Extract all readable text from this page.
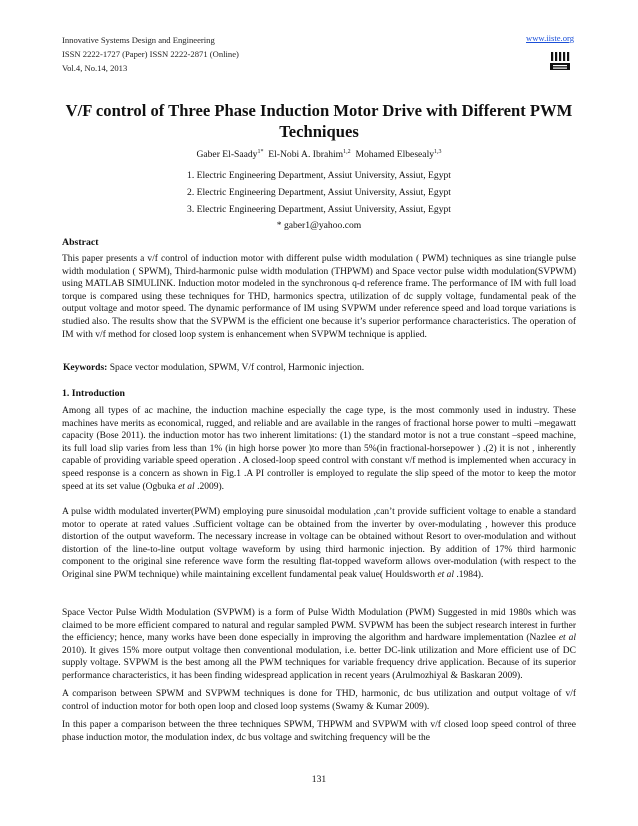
Innovative Systems Design and Engineering
ISSN 2222-1727 (Paper) ISSN 2222-2871 (Online)
Vol.4, No.14, 2013
www.iiste.org
V/F control of Three Phase Induction Motor Drive with Different PWM Techniques
Gaber El-Saady$^{1*}$ El-Nobi A. Ibrahim$^{1,2}$ Mohamed Elbesealy$^{1,3}$
1. Electric Engineering Department, Assiut University, Assiut, Egypt
2. Electric Engineering Department, Assiut University, Assiut, Egypt
3. Electric Engineering Department, Assiut University, Assiut, Egypt
* gaber1@yahoo.com
Abstract

This paper presents a v/f control of induction motor with different pulse width modulation ( PWM) techniques as sine triangle pulse width modulation ( SPWM), Third-harmonic pulse width modulation (THPWM) and Space vector pulse width modulation(SVPWM) using MATLAB SIMULINK. Induction motor modeled in the synchronous q-d reference frame. The performance of IM with full load torque is compared using these techniques for THD, harmonics spectra, utilization of dc supply voltage, fundamental peak of the output voltage and motor speed. The dynamic performance of IM using SVPWM under reference speed and load torque variations is studied also. The results show that the SVPWM is the efficient one because it’s superior performance characteristics. The operation of IM with v/f method for closed loop system is enhancement when SVPWM technique is applied.

Keywords: Space vector modulation, SPWM, V/f control, Harmonic injection.
1. Introduction

Among all types of ac machine, the induction machine especially the cage type, is the most commonly used in industry. These machines have merits as economical, rugged, and reliable and are available in the ranges of fractional horse power to multi –megawatt capacity (Bose 2011). the induction motor has two inherent limitations: (1) the standard motor is not a true constant –speed machine, its full load slip varies from less than 1% (in high horse power )to more than 5%(in fractional-horsepower ) .(2) it is not , inherently capable of providing variable speed operation . A closed-loop speed control with constant v/f method is implemented when accuracy in speed response is a concern as shown in Fig.1 .A PI controller is employed to regulate the slip speed of the motor to keep the motor speed at its set value (Ogbuka et al .2009).

A pulse width modulated inverter(PWM) employing pure sinusoidal modulation ,can’t provide sufficient voltage to enable a standard motor to operate at rated values .Sufficient voltage can be obtained from the inverter by over-modulating , however this produce distortion of the output waveform. The necessary increase in voltage can be obtained without Resort to over-modulation and without distortion of the line-to-line output voltage waveform by using third harmonic injection. By addition of 17% third harmonic component to the original sine reference wave form the resulting flat-topped waveform allows over-modulation (with respect to the Original sine PWM technique) while maintaining excellent fundamental peak value( Houldsworth et al .1984).

Space Vector Pulse Width Modulation (SVPWM) is a form of Pulse Width Modulation (PWM) Suggested in mid 1980s which was claimed to be more efficient compared to natural and regular sampled PWM. SVPWM has been the subject research interest in further the efficiency; hence, many works have been done especially in improving the algorithm and hardware implementation (Nazlee et al 2010). It gives 15% more output voltage then conventional modulation, i.e. better DC-link utilization and More efficient use of DC supply voltage. SVPWM is the best among all the PWM techniques for variable frequency drive application. Because of its superior performance characteristics, it has been finding widespread application in recent years (Arulmozhiyal & Baskaran 2009).

A comparison between SPWM and SVPWM techniques is done for THD, harmonic, dc bus utilization and output voltage of v/f control of induction motor for both open loop and closed loop systems (Swamy & Kumar 2009).

In this paper a comparison between the three techniques SPWM, THPWM and SVPWM with v/f closed loop speed control of three phase induction motor, the modulation index, dc bus voltage and switching frequency will be the

131
